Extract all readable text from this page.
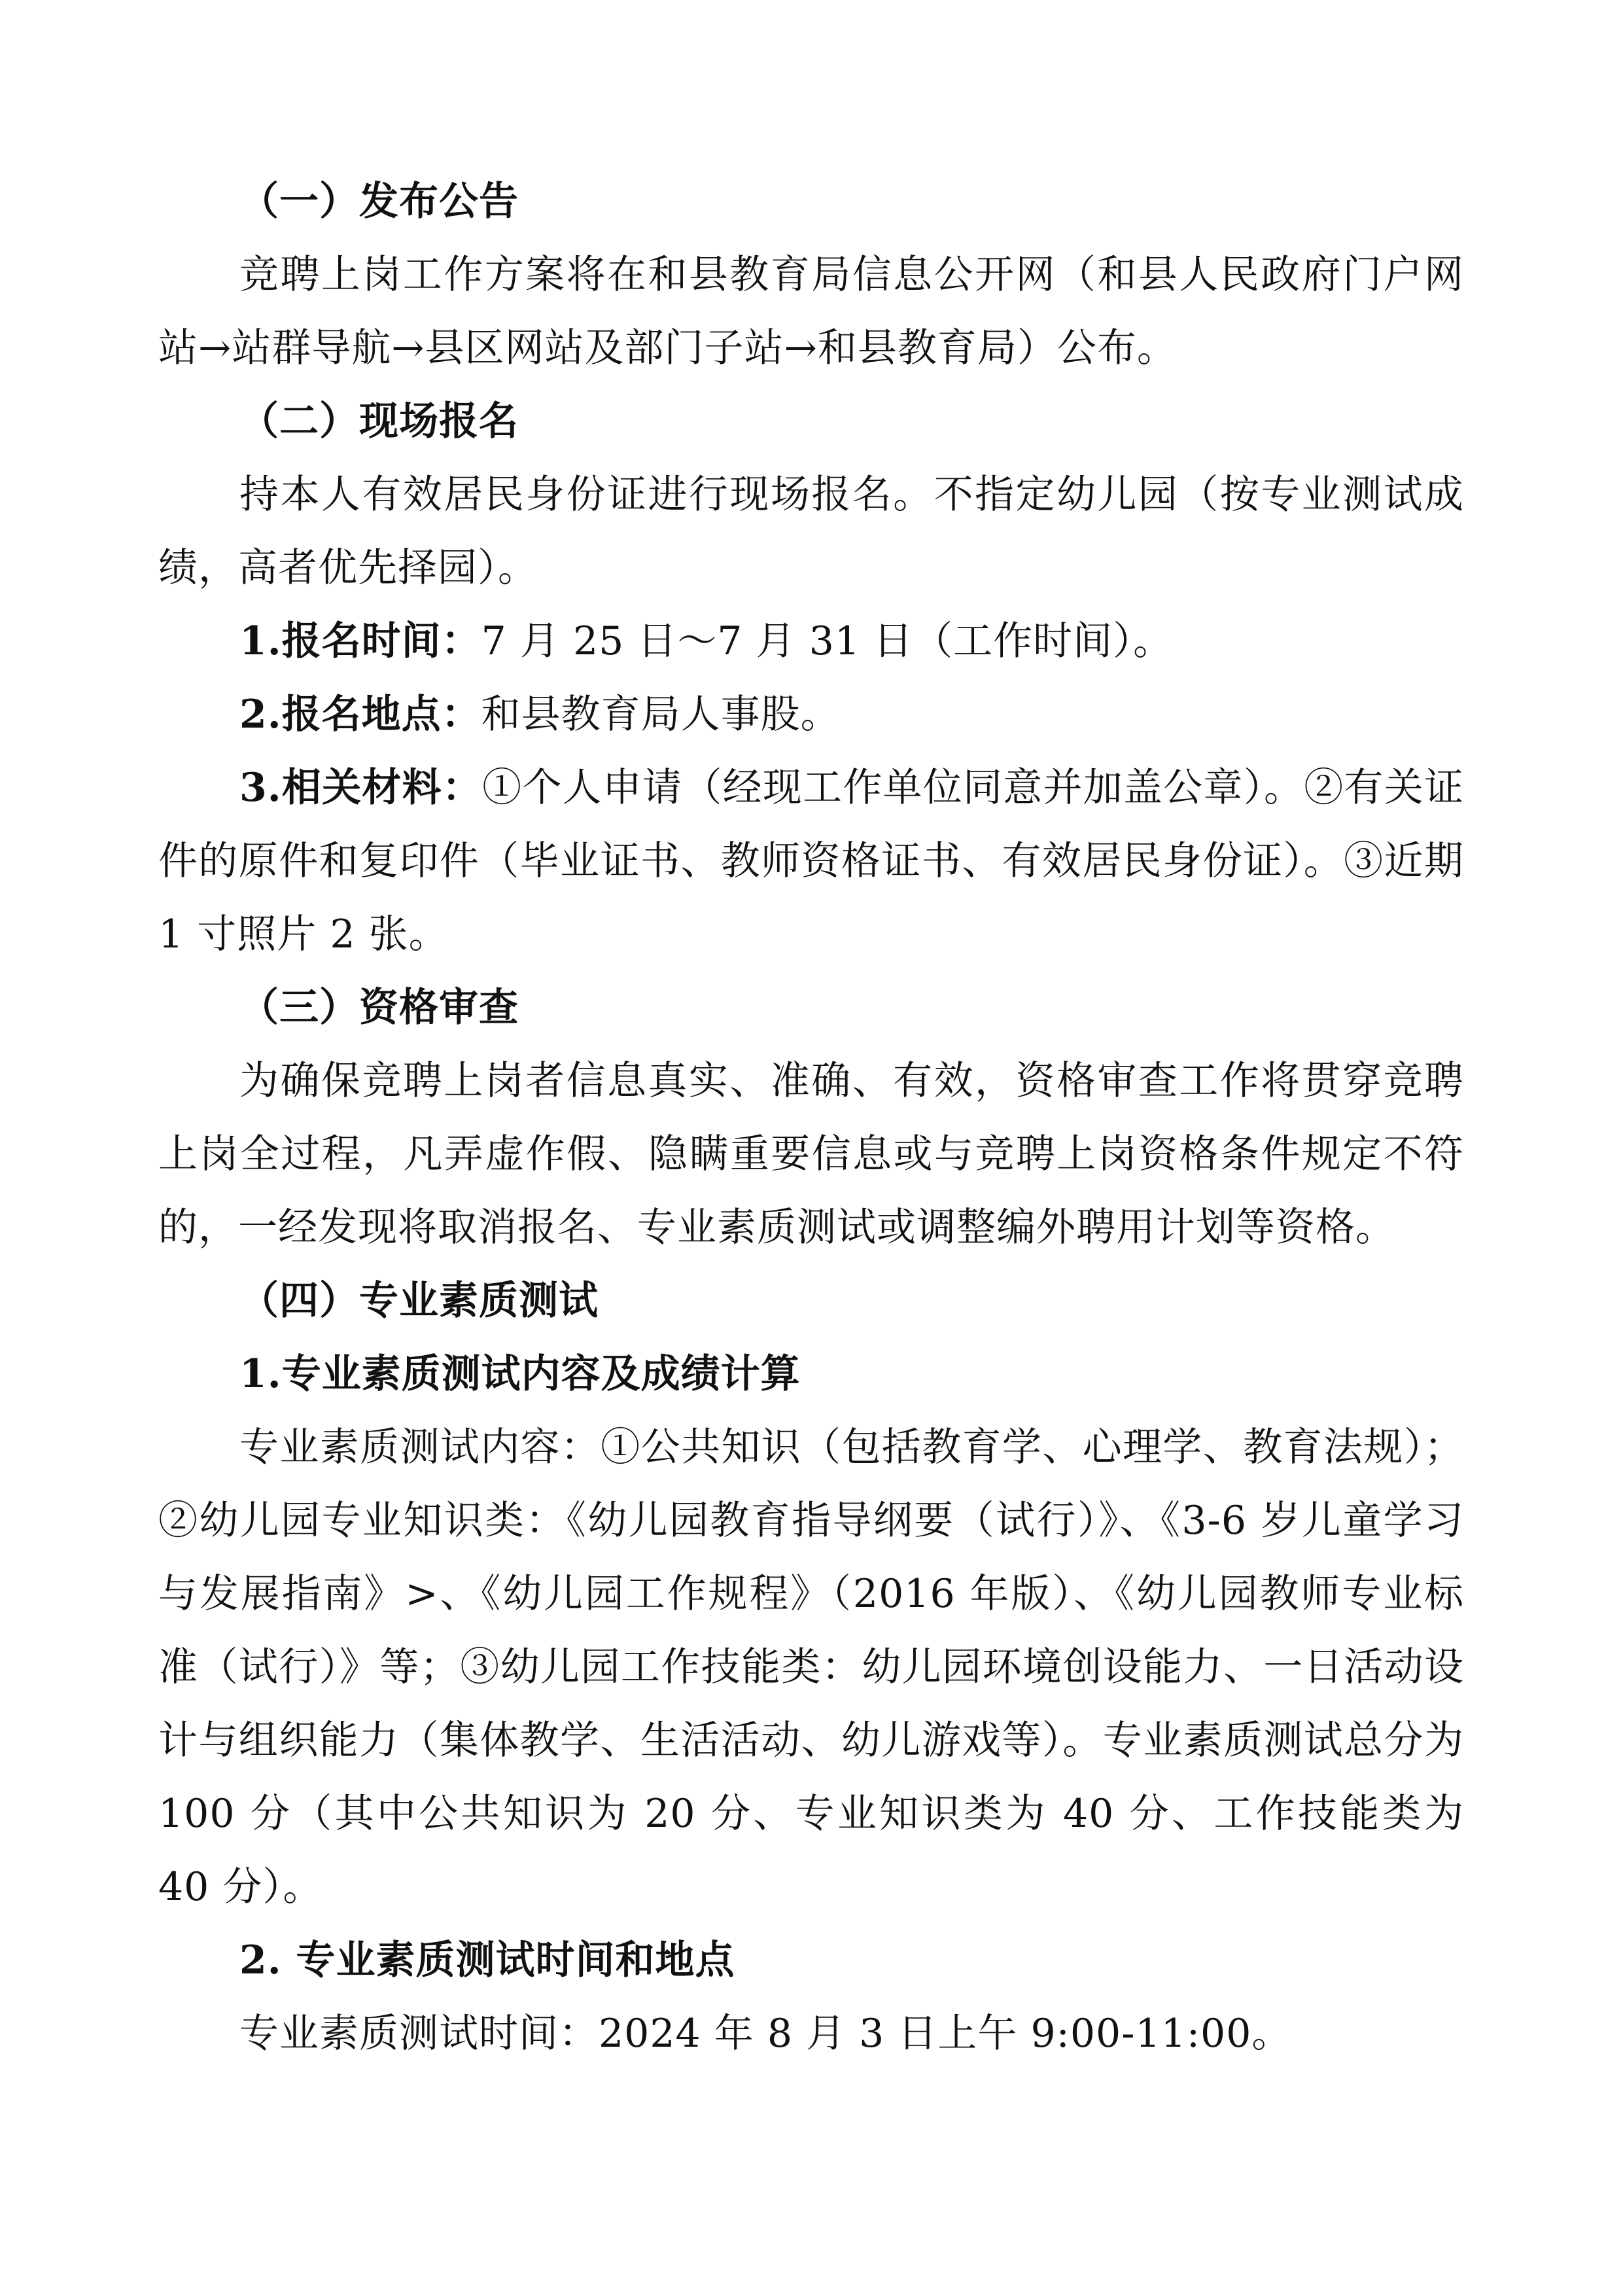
（一）发布公告

竞聘上岗工作方案将在和县教育局信息公开网（和县人民政府门户网站→站群导航→县区网站及部门子站→和县教育局）公布。

（二）现场报名

持本人有效居民身份证进行现场报名。不指定幼儿园（按专业测试成绩，高者优先择园）。

1.报名时间：7 月 25 日～7 月 31 日（工作时间）。

2.报名地点：和县教育局人事股。

3.相关材料：①个人申请（经现工作单位同意并加盖公章）。②有关证件的原件和复印件（毕业证书、教师资格证书、有效居民身份证）。③近期 1 寸照片 2 张。

（三）资格审查

为确保竞聘上岗者信息真实、准确、有效，资格审查工作将贯穿竞聘上岗全过程，凡弄虚作假、隐瞒重要信息或与竞聘上岗资格条件规定不符的，一经发现将取消报名、专业素质测试或调整编外聘用计划等资格。

（四）专业素质测试

1.专业素质测试内容及成绩计算

专业素质测试内容：①公共知识（包括教育学、心理学、教育法规）；②幼儿园专业知识类：《幼儿园教育指导纲要（试行）》、《3-6 岁儿童学习与发展指南》>、《幼儿园工作规程》（2016 年版）、《幼儿园教师专业标准（试行）》等；③幼儿园工作技能类：幼儿园环境创设能力、一日活动设计与组织能力（集体教学、生活活动、幼儿游戏等）。专业素质测试总分为 100 分（其中公共知识为 20 分、专业知识类为 40 分、工作技能类为 40 分）。

2. 专业素质测试时间和地点

专业素质测试时间：2024 年 8 月 3 日上午 9:00-11:00。
